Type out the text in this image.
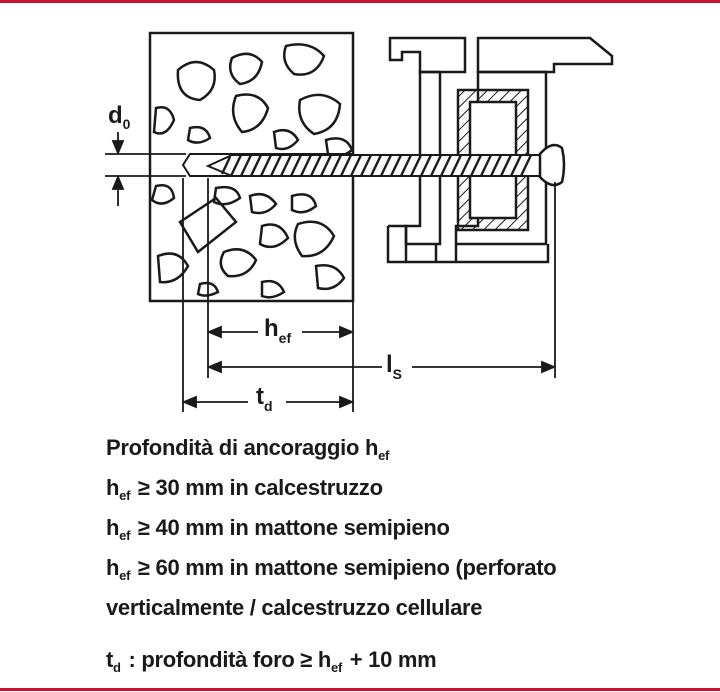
$d_0$
$h_{ef}$
$l_S$
$t_d$
Profondità di ancoraggio $h_{ef}$
$h_{ef} \ge 30$ mm in calcestruzzo
$h_{ef} \ge 40$ mm in mattone semipieno
$h_{ef} \ge 60$ mm in mattone semipieno (perforato
verticalmente / calcestruzzo cellulare
$t_d$ : profondità foro ≥ $h_{ef} + 10$ mm
